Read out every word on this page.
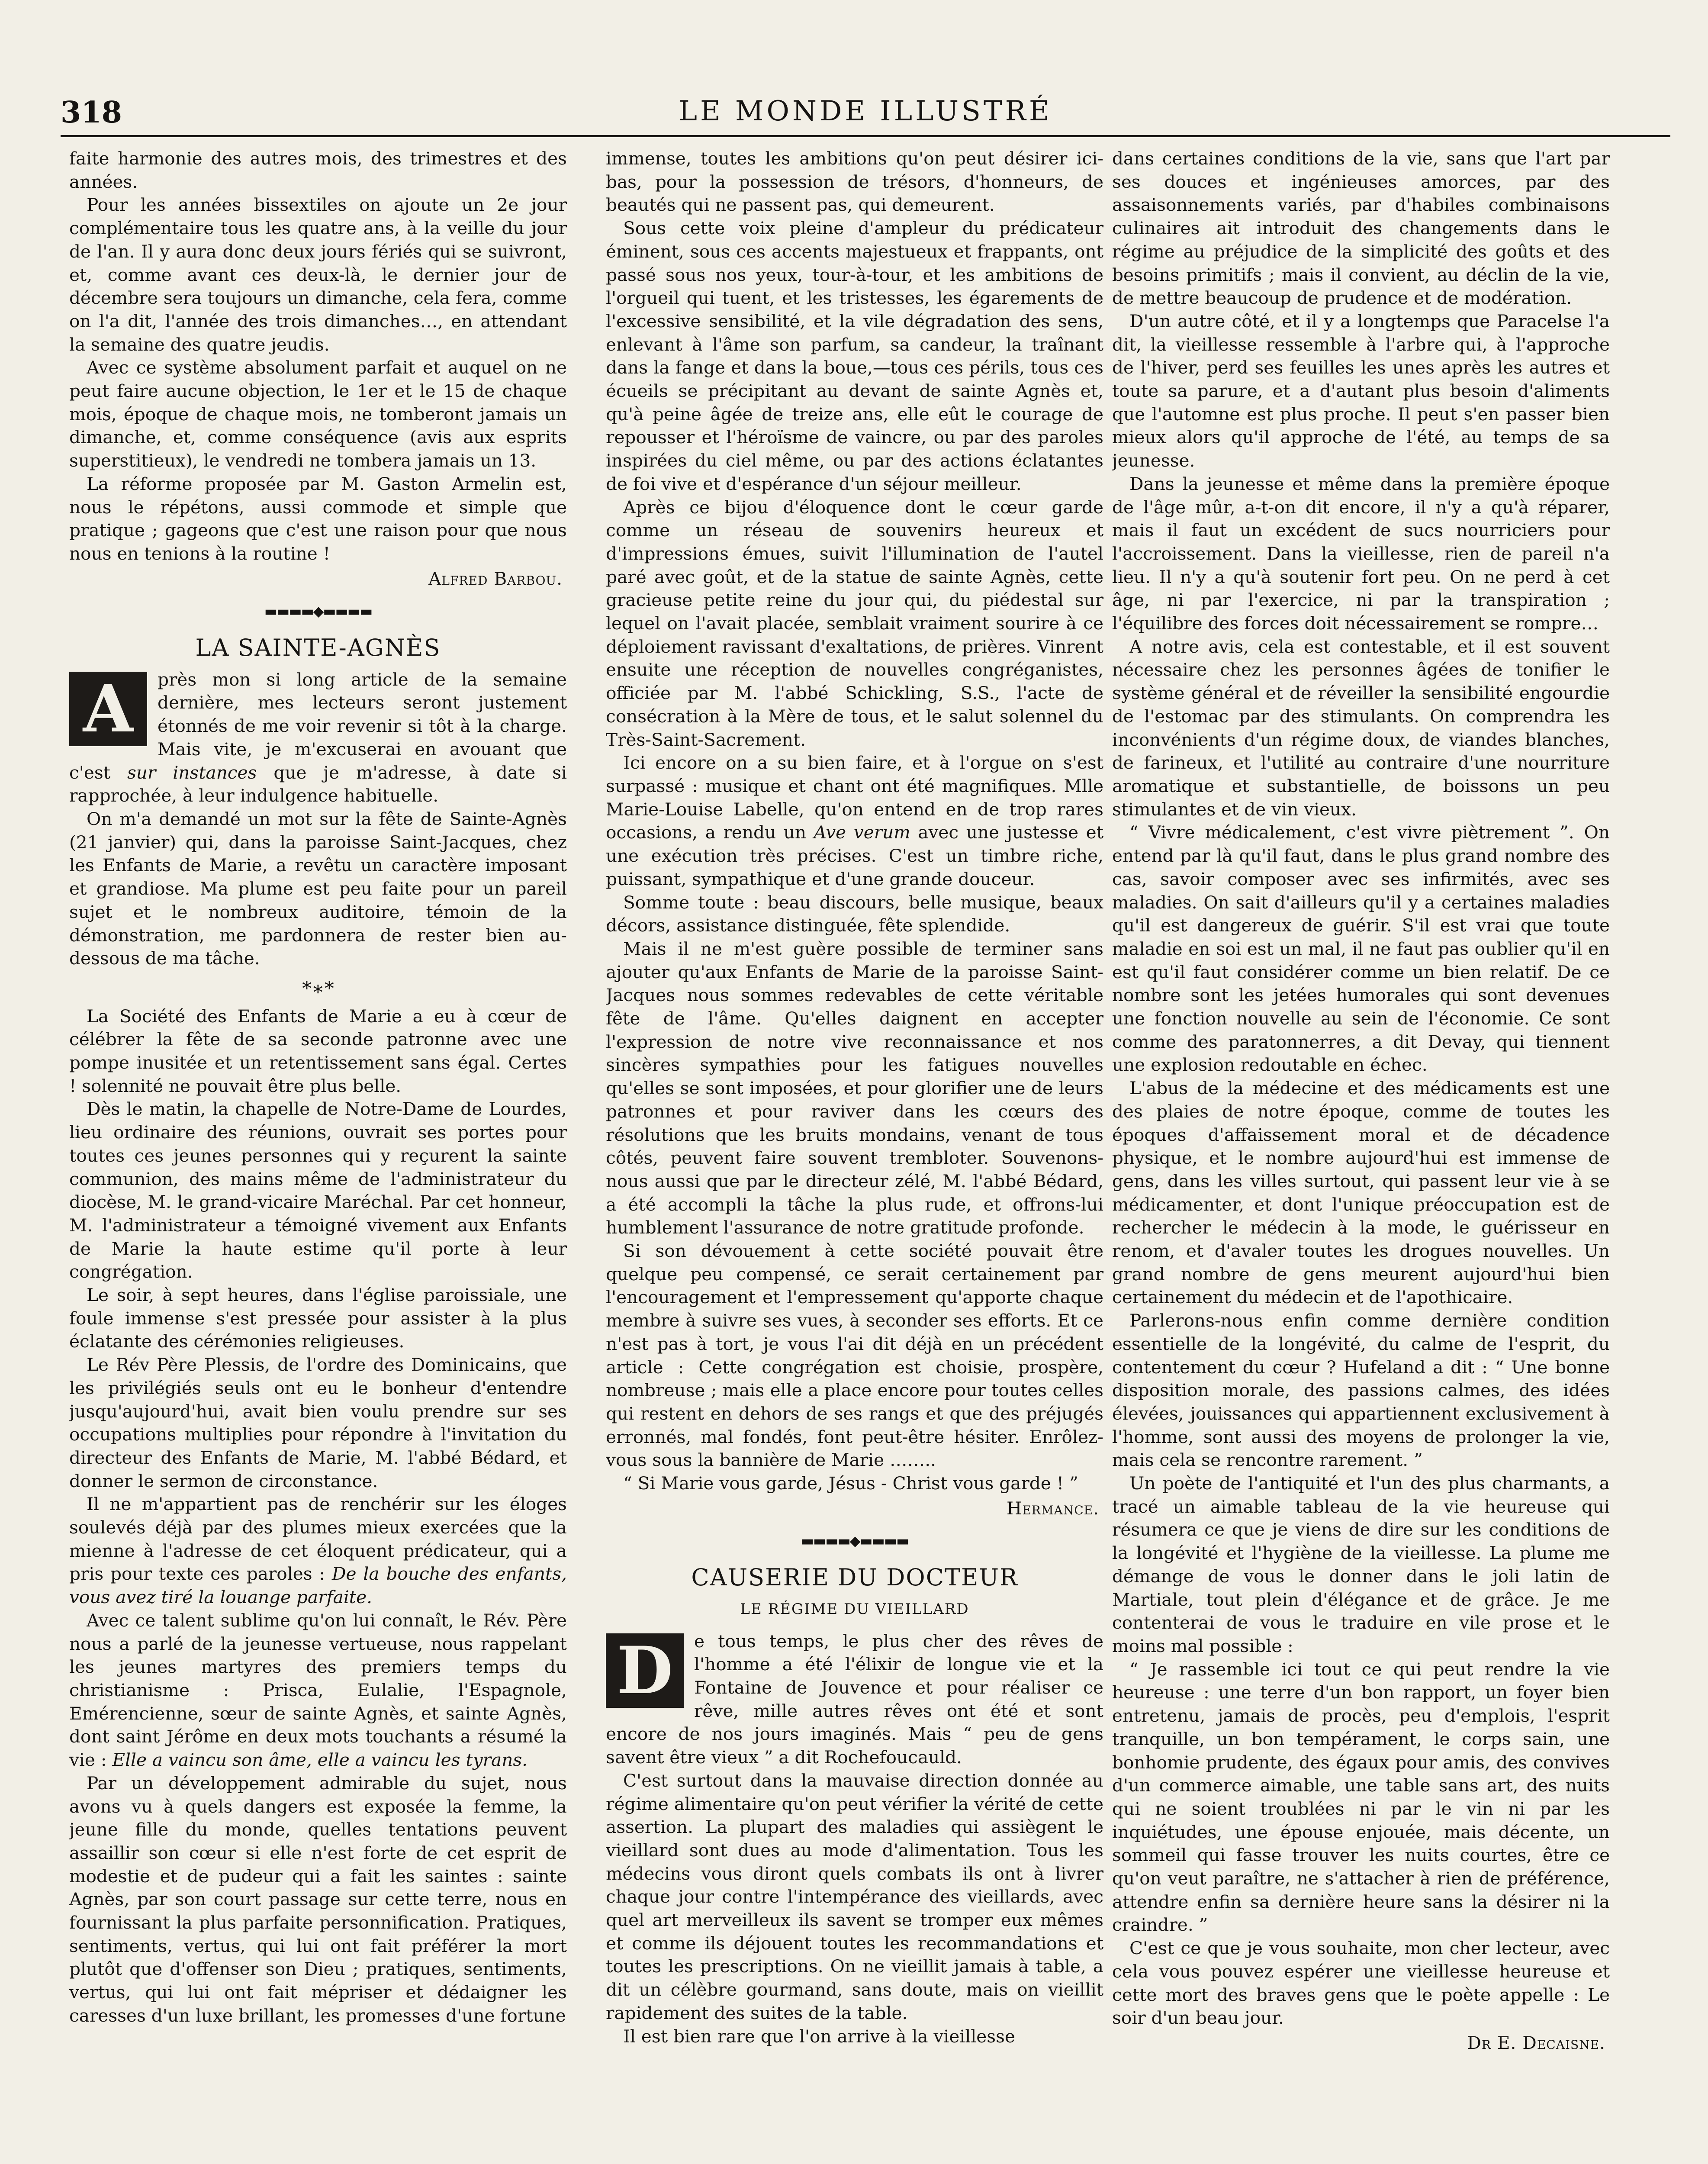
318	LE MONDE ILLUSTRÉ

faite harmonie des autres mois, des trimestres et des années.

Pour les années bissextiles on ajoute un 2e jour complémentaire tous les quatre ans, à la veille du jour de l'an. Il y aura donc deux jours fériés qui se suivront, et, comme avant ces deux-là, le dernier jour de décembre sera toujours un dimanche, cela fera, comme on l'a dit, l'année des trois dimanches…, en attendant la semaine des quatre jeudis.

Avec ce système absolument parfait et auquel on ne peut faire aucune objection, le 1er et le 15 de chaque mois, époque de chaque mois, ne tomberont jamais un dimanche, et, comme conséquence (avis aux esprits superstitieux), le vendredi ne tombera jamais un 13.

La réforme proposée par M. Gaston Armelin est, nous le répétons, aussi commode et simple que pratique ; gageons que c'est une raison pour que nous nous en tenions à la routine !

Alfred Barbou.
▬▬▬▬◆▬▬▬▬
LA SAINTE-AGNÈS

A	près mon si long article de la semaine dernière, mes lecteurs seront justement étonnés de me voir revenir si tôt à la charge. Mais vite, je m'excuserai en avouant que c'est sur instances que je m'adresse, à date si rapprochée, à leur indulgence habituelle.

On m'a demandé un mot sur la fête de Sainte-Agnès (21 janvier) qui, dans la paroisse Saint-Jacques, chez les Enfants de Marie, a revêtu un caractère imposant et grandiose. Ma plume est peu faite pour un pareil sujet et le nombreux auditoire, témoin de la démonstration, me pardonnera de rester bien au-dessous de ma tâche.

*∗*

La Société des Enfants de Marie a eu à cœur de célébrer la fête de sa seconde patronne avec une pompe inusitée et un retentissement sans égal. Certes ! solennité ne pouvait être plus belle.

Dès le matin, la chapelle de Notre-Dame de Lourdes, lieu ordinaire des réunions, ouvrait ses portes pour toutes ces jeunes personnes qui y reçurent la sainte communion, des mains même de l'administrateur du diocèse, M. le grand-vicaire Maréchal. Par cet honneur, M. l'administrateur a témoigné vivement aux Enfants de Marie la haute estime qu'il porte à leur congrégation.

Le soir, à sept heures, dans l'église paroissiale, une foule immense s'est pressée pour assister à la plus éclatante des cérémonies religieuses.

Le Rév Père Plessis, de l'ordre des Dominicains, que les privilégiés seuls ont eu le bonheur d'entendre jusqu'aujourd'hui, avait bien voulu prendre sur ses occupations multiplies pour répondre à l'invitation du directeur des Enfants de Marie, M. l'abbé Bédard, et donner le sermon de circonstance.

Il ne m'appartient pas de renchérir sur les éloges soulevés déjà par des plumes mieux exercées que la mienne à l'adresse de cet éloquent prédicateur, qui a pris pour texte ces paroles : De la bouche des enfants, vous avez tiré la louange parfaite.

Avec ce talent sublime qu'on lui connaît, le Rév. Père nous a parlé de la jeunesse vertueuse, nous rappelant les jeunes martyres des premiers temps du christianisme : Prisca, Eulalie, l'Espagnole, Emérencienne, sœur de sainte Agnès, et sainte Agnès, dont saint Jérôme en deux mots touchants a résumé la vie : Elle a vaincu son âme, elle a vaincu les tyrans.

Par un développement admirable du sujet, nous avons vu à quels dangers est exposée la femme, la jeune fille du monde, quelles tentations peuvent assaillir son cœur si elle n'est forte de cet esprit de modestie et de pudeur qui a fait les saintes : sainte Agnès, par son court passage sur cette terre, nous en fournissant la plus parfaite personnification. Pratiques, sentiments, vertus, qui lui ont fait préférer la mort plutôt que d'offenser son Dieu ; pratiques, sentiments, vertus, qui lui ont fait mépriser et dédaigner les caresses d'un luxe brillant, les promesses d'une fortune

immense, toutes les ambitions qu'on peut désirer ici-bas, pour la possession de trésors, d'honneurs, de beautés qui ne passent pas, qui demeurent.

Sous cette voix pleine d'ampleur du prédicateur éminent, sous ces accents majestueux et frappants, ont passé sous nos yeux, tour-à-tour, et les ambitions de l'orgueil qui tuent, et les tristesses, les égarements de l'excessive sensibilité, et la vile dégradation des sens, enlevant à l'âme son parfum, sa candeur, la traînant dans la fange et dans la boue,—tous ces périls, tous ces écueils se précipitant au devant de sainte Agnès et, qu'à peine âgée de treize ans, elle eût le courage de repousser et l'héroïsme de vaincre, ou par des paroles inspirées du ciel même, ou par des actions éclatantes de foi vive et d'espérance d'un séjour meilleur.

Après ce bijou d'éloquence dont le cœur garde comme un réseau de souvenirs heureux et d'impressions émues, suivit l'illumination de l'autel paré avec goût, et de la statue de sainte Agnès, cette gracieuse petite reine du jour qui, du piédestal sur lequel on l'avait placée, semblait vraiment sourire à ce déploiement ravissant d'exaltations, de prières. Vinrent ensuite une réception de nouvelles congréganistes, officiée par M. l'abbé Schickling, S.S., l'acte de consécration à la Mère de tous, et le salut solennel du Très-Saint-Sacrement.

Ici encore on a su bien faire, et à l'orgue on s'est surpassé : musique et chant ont été magnifiques. Mlle Marie-Louise Labelle, qu'on entend en de trop rares occasions, a rendu un Ave verum avec une justesse et une exécution très précises. C'est un timbre riche, puissant, sympathique et d'une grande douceur.

Somme toute : beau discours, belle musique, beaux décors, assistance distinguée, fête splendide.

Mais il ne m'est guère possible de terminer sans ajouter qu'aux Enfants de Marie de la paroisse Saint-Jacques nous sommes redevables de cette véritable fête de l'âme. Qu'elles daignent en accepter l'expression de notre vive reconnaissance et nos sincères sympathies pour les fatigues nouvelles qu'elles se sont imposées, et pour glorifier une de leurs patronnes et pour raviver dans les cœurs des résolutions que les bruits mondains, venant de tous côtés, peuvent faire souvent trembloter. Souvenons-nous aussi que par le directeur zélé, M. l'abbé Bédard, a été accompli la tâche la plus rude, et offrons-lui humblement l'assurance de notre gratitude profonde.

Si son dévouement à cette société pouvait être quelque peu compensé, ce serait certainement par l'encouragement et l'empressement qu'apporte chaque membre à suivre ses vues, à seconder ses efforts. Et ce n'est pas à tort, je vous l'ai dit déjà en un précédent article : Cette congrégation est choisie, prospère, nombreuse ; mais elle a place encore pour toutes celles qui restent en dehors de ses rangs et que des préjugés erronnés, mal fondés, font peut-être hésiter. Enrôlez-vous sous la bannière de Marie ……..

“ Si Marie vous garde, Jésus - Christ vous garde ! ”

Hermance.
▬▬▬▬◆▬▬▬▬
CAUSERIE DU DOCTEUR
LE RÉGIME DU VIEILLARD

D	e tous temps, le plus cher des rêves de l'homme a été l'élixir de longue vie et la Fontaine de Jouvence et pour réaliser ce rêve, mille autres rêves ont été et sont encore de nos jours imaginés. Mais “ peu de gens savent être vieux ” a dit Rochefoucauld.

C'est surtout dans la mauvaise direction donnée au régime alimentaire qu'on peut vérifier la vérité de cette assertion. La plupart des maladies qui assiègent le vieillard sont dues au mode d'alimentation. Tous les médecins vous diront quels combats ils ont à livrer chaque jour contre l'intempérance des vieillards, avec quel art merveilleux ils savent se tromper eux mêmes et comme ils déjouent toutes les recommandations et toutes les prescriptions. On ne vieillit jamais à table, a dit un célèbre gourmand, sans doute, mais on vieillit rapidement des suites de la table.

Il est bien rare que l'on arrive à la vieillesse

dans certaines conditions de la vie, sans que l'art par ses douces et ingénieuses amorces, par des assaisonnements variés, par d'habiles combinaisons culinaires ait introduit des changements dans le régime au préjudice de la simplicité des goûts et des besoins primitifs ; mais il convient, au déclin de la vie, de mettre beaucoup de prudence et de modération.

D'un autre côté, et il y a longtemps que Paracelse l'a dit, la vieillesse ressemble à l'arbre qui, à l'approche de l'hiver, perd ses feuilles les unes après les autres et toute sa parure, et a d'autant plus besoin d'aliments que l'automne est plus proche. Il peut s'en passer bien mieux alors qu'il approche de l'été, au temps de sa jeunesse.

Dans la jeunesse et même dans la première époque de l'âge mûr, a-t-on dit encore, il n'y a qu'à réparer, mais il faut un excédent de sucs nourriciers pour l'accroissement. Dans la vieillesse, rien de pareil n'a lieu. Il n'y a qu'à soutenir fort peu. On ne perd à cet âge, ni par l'exercice, ni par la transpiration ; l'équilibre des forces doit nécessairement se rompre…

A notre avis, cela est contestable, et il est souvent nécessaire chez les personnes âgées de tonifier le système général et de réveiller la sensibilité engourdie de l'estomac par des stimulants. On comprendra les inconvénients d'un régime doux, de viandes blanches, de farineux, et l'utilité au contraire d'une nourriture aromatique et substantielle, de boissons un peu stimulantes et de vin vieux.

“ Vivre médicalement, c'est vivre piètrement ”. On entend par là qu'il faut, dans le plus grand nombre des cas, savoir composer avec ses infirmités, avec ses maladies. On sait d'ailleurs qu'il y a certaines maladies qu'il est dangereux de guérir. S'il est vrai que toute maladie en soi est un mal, il ne faut pas oublier qu'il en est qu'il faut considérer comme un bien relatif. De ce nombre sont les jetées humorales qui sont devenues une fonction nouvelle au sein de l'économie. Ce sont comme des paratonnerres, a dit Devay, qui tiennent une explosion redoutable en échec.

L'abus de la médecine et des médicaments est une des plaies de notre époque, comme de toutes les époques d'affaissement moral et de décadence physique, et le nombre aujourd'hui est immense de gens, dans les villes surtout, qui passent leur vie à se médicamenter, et dont l'unique préoccupation est de rechercher le médecin à la mode, le guérisseur en renom, et d'avaler toutes les drogues nouvelles. Un grand nombre de gens meurent aujourd'hui bien certainement du médecin et de l'apothicaire.

Parlerons-nous enfin comme dernière condition essentielle de la longévité, du calme de l'esprit, du contentement du cœur ? Hufeland a dit : “ Une bonne disposition morale, des passions calmes, des idées élevées, jouissances qui appartiennent exclusivement à l'homme, sont aussi des moyens de prolonger la vie, mais cela se rencontre rarement. ”

Un poète de l'antiquité et l'un des plus charmants, a tracé un aimable tableau de la vie heureuse qui résumera ce que je viens de dire sur les conditions de la longévité et l'hygiène de la vieillesse. La plume me démange de vous le donner dans le joli latin de Martiale, tout plein d'élégance et de grâce. Je me contenterai de vous le traduire en vile prose et le moins mal possible :

“ Je rassemble ici tout ce qui peut rendre la vie heureuse : une terre d'un bon rapport, un foyer bien entretenu, jamais de procès, peu d'emplois, l'esprit tranquille, un bon tempérament, le corps sain, une bonhomie prudente, des égaux pour amis, des convives d'un commerce aimable, une table sans art, des nuits qui ne soient troublées ni par le vin ni par les inquiétudes, une épouse enjouée, mais décente, un sommeil qui fasse trouver les nuits courtes, être ce qu'on veut paraître, ne s'attacher à rien de préférence, attendre enfin sa dernière heure sans la désirer ni la craindre. ”

C'est ce que je vous souhaite, mon cher lecteur, avec cela vous pouvez espérer une vieillesse heureuse et cette mort des braves gens que le poète appelle : Le soir d'un beau jour.

Dr E. Decaisne.
